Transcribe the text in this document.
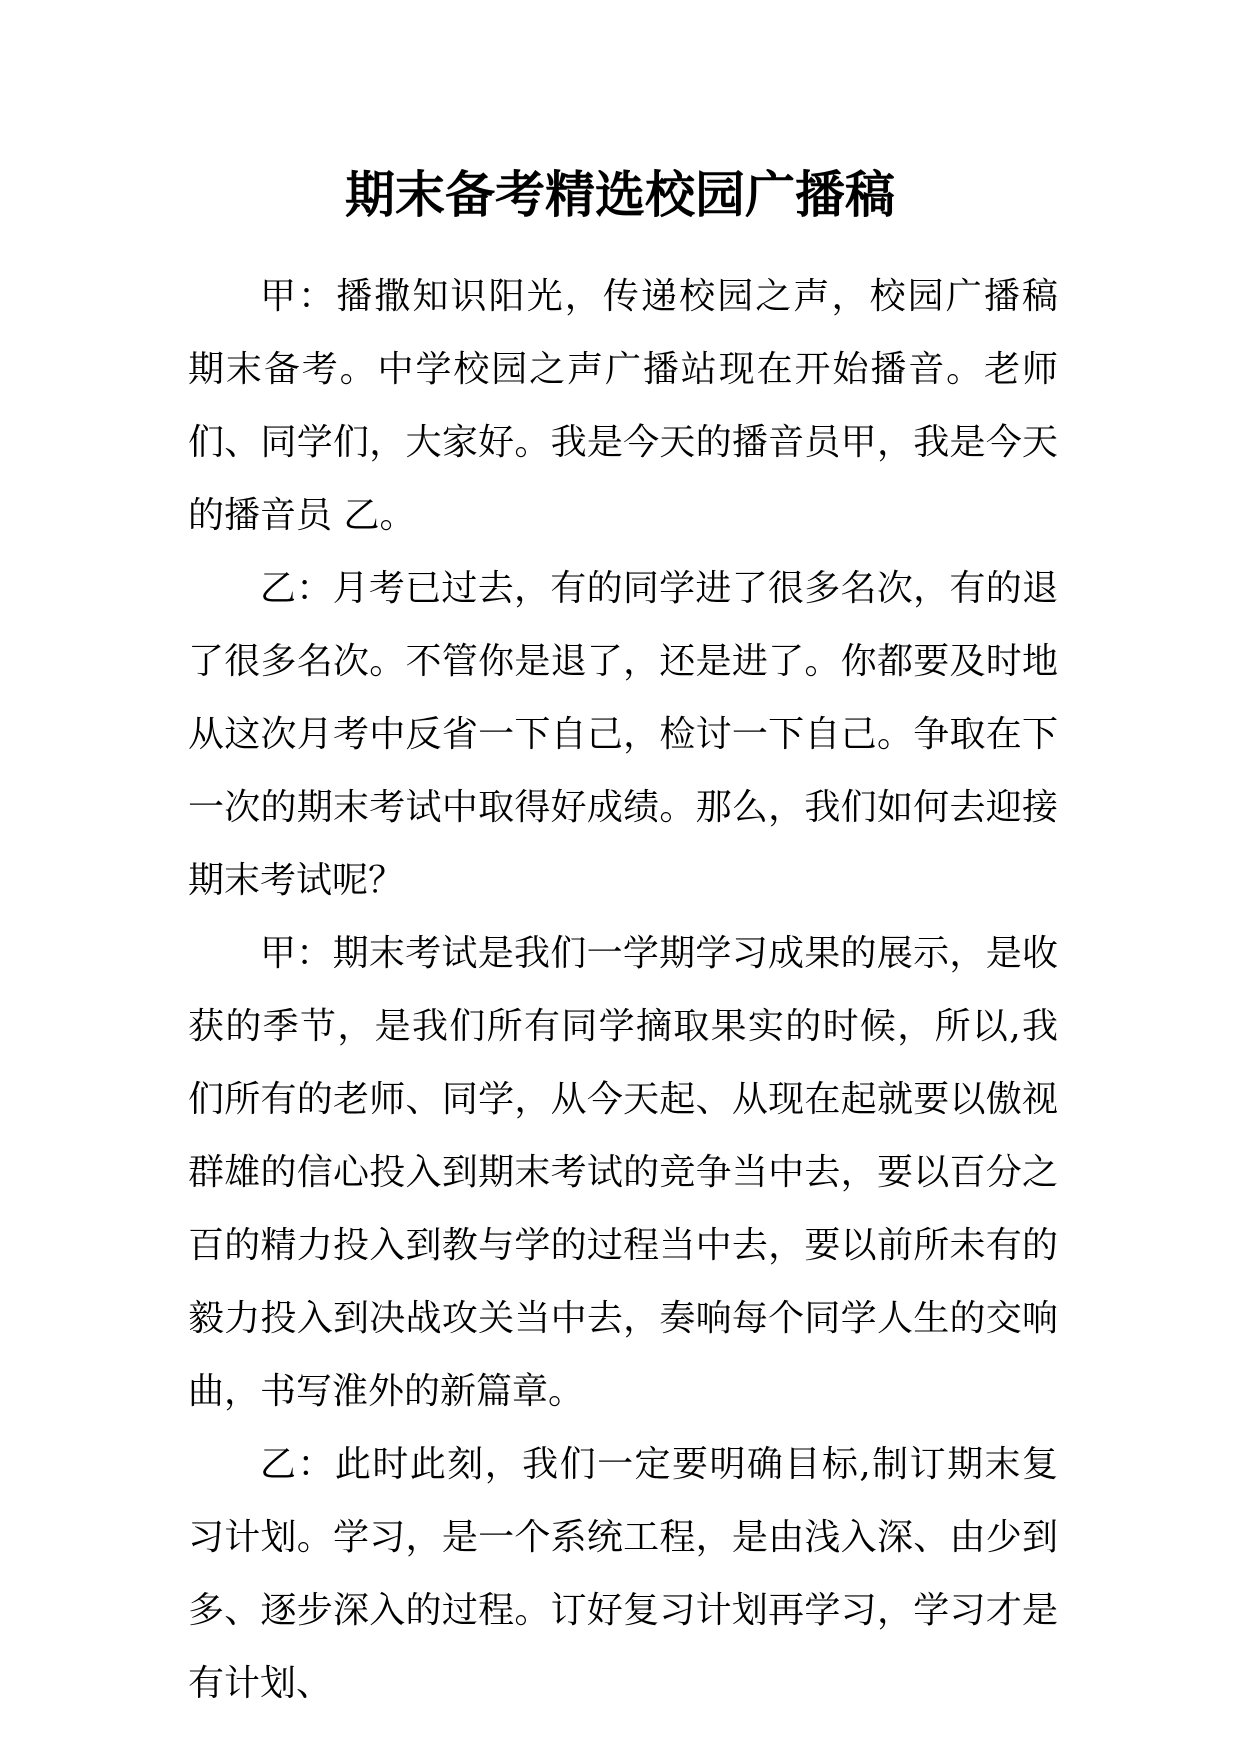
期末备考精选校园广播稿

甲：播撒知识阳光，传递校园之声，校园广播稿 期末备考。中学校园之声广播站现在开始播音。老师们、同学们，大家好。我是今天的播音员甲，我是今天的播音员 乙。

乙：月考已过去，有的同学进了很多名次，有的退了很多名次。不管你是退了，还是进了。你都要及时地从这次月考中反省一下自己，检讨一下自己。争取在下一次的期末考试中取得好成绩。那么，我们如何去迎接期末考试呢？

甲：期末考试是我们一学期学习成果的展示，是收获的季节，是我们所有同学摘取果实的时候，所以,我们所有的老师、同学，从今天起、从现在起就要以傲视群雄的信心投入到期末考试的竞争当中去，要以百分之百的精力投入到教与学的过程当中去，要以前所未有的毅力投入到决战攻关当中去，奏响每个同学人生的交响曲，书写淮外的新篇章。

乙：此时此刻，我们一定要明确目标,制订期末复习计划。学习，是一个系统工程，是由浅入深、由少到多、逐步深入的过程。订好复习计划再学习，学习才是有计划、
